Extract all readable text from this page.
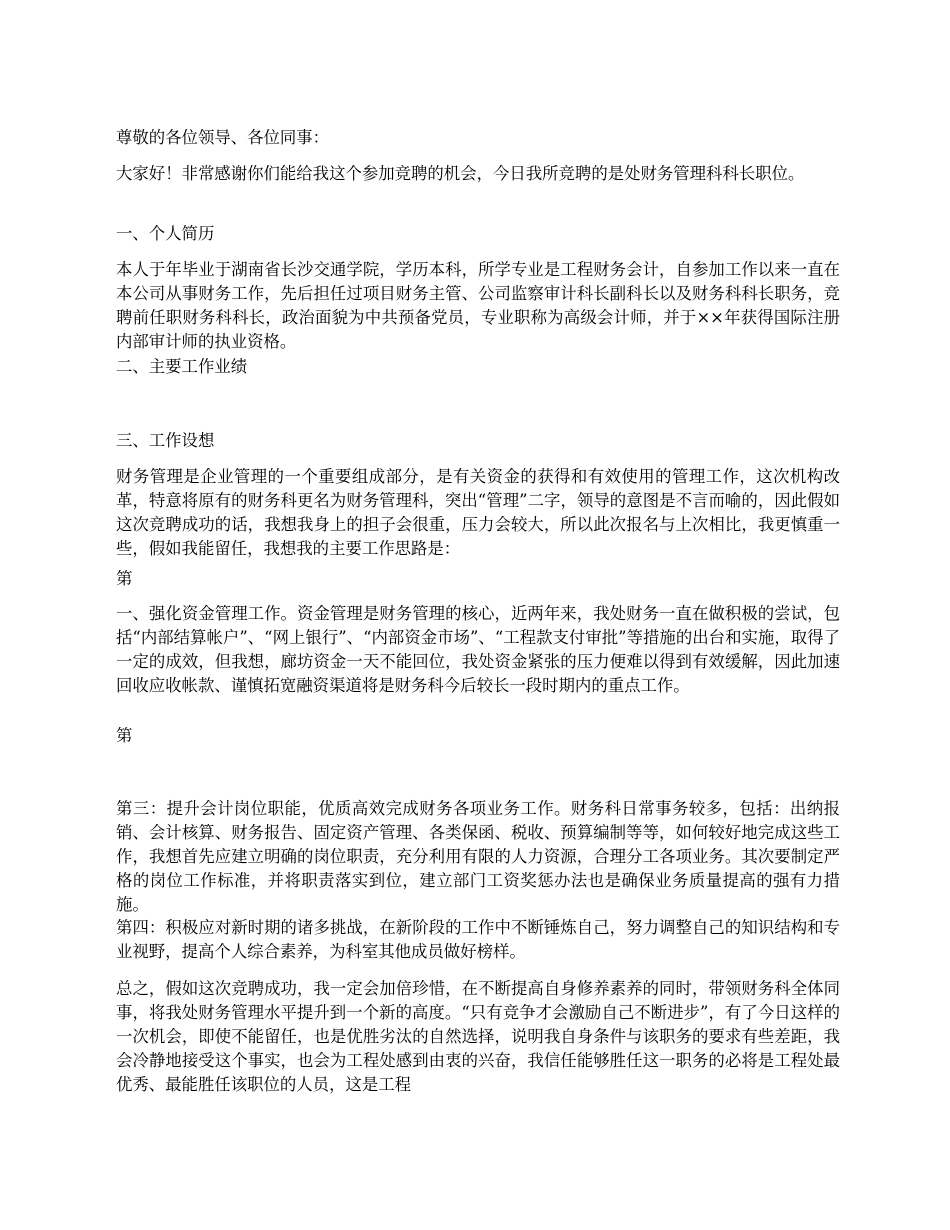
尊敬的各位领导、各位同事：

大家好！非常感谢你们能给我这个参加竞聘的机会，今日我所竞聘的是处财务管理科科长职位。

一、个人简历

本人于年毕业于湖南省长沙交通学院，学历本科，所学专业是工程财务会计，自参加工作以来一直在本公司从事财务工作，先后担任过项目财务主管、公司监察审计科长副科长以及财务科科长职务，竞聘前任职财务科科长，政治面貌为中共预备党员，专业职称为高级会计师，并于××年获得国际注册内部审计师的执业资格。

二、主要工作业绩

三、工作设想

财务管理是企业管理的一个重要组成部分，是有关资金的获得和有效使用的管理工作，这次机构改革，特意将原有的财务科更名为财务管理科，突出“管理”二字，领导的意图是不言而喻的，因此假如这次竞聘成功的话，我想我身上的担子会很重，压力会较大，所以此次报名与上次相比，我更慎重一些，假如我能留任，我想我的主要工作思路是：

第

一、强化资金管理工作。资金管理是财务管理的核心，近两年来，我处财务一直在做积极的尝试，包括“内部结算帐户”、“网上银行”、“内部资金市场”、“工程款支付审批”等措施的出台和实施，取得了一定的成效，但我想，廊坊资金一天不能回位，我处资金紧张的压力便难以得到有效缓解，因此加速回收应收帐款、谨慎拓宽融资渠道将是财务科今后较长一段时期内的重点工作。

第

第三：提升会计岗位职能，优质高效完成财务各项业务工作。财务科日常事务较多，包括：出纳报销、会计核算、财务报告、固定资产管理、各类保函、税收、预算编制等等，如何较好地完成这些工作，我想首先应建立明确的岗位职责，充分利用有限的人力资源，合理分工各项业务。其次要制定严格的岗位工作标准，并将职责落实到位，建立部门工资奖惩办法也是确保业务质量提高的强有力措施。

第四：积极应对新时期的诸多挑战，在新阶段的工作中不断锤炼自己，努力调整自己的知识结构和专业视野，提高个人综合素养，为科室其他成员做好榜样。

总之，假如这次竞聘成功，我一定会加倍珍惜，在不断提高自身修养素养的同时，带领财务科全体同事，将我处财务管理水平提升到一个新的高度。“只有竞争才会激励自己不断进步”，有了今日这样的一次机会，即使不能留任，也是优胜劣汰的自然选择，说明我自身条件与该职务的要求有些差距，我会冷静地接受这个事实，也会为工程处感到由衷的兴奋，我信任能够胜任这一职务的必将是工程处最优秀、最能胜任该职位的人员，这是工程
